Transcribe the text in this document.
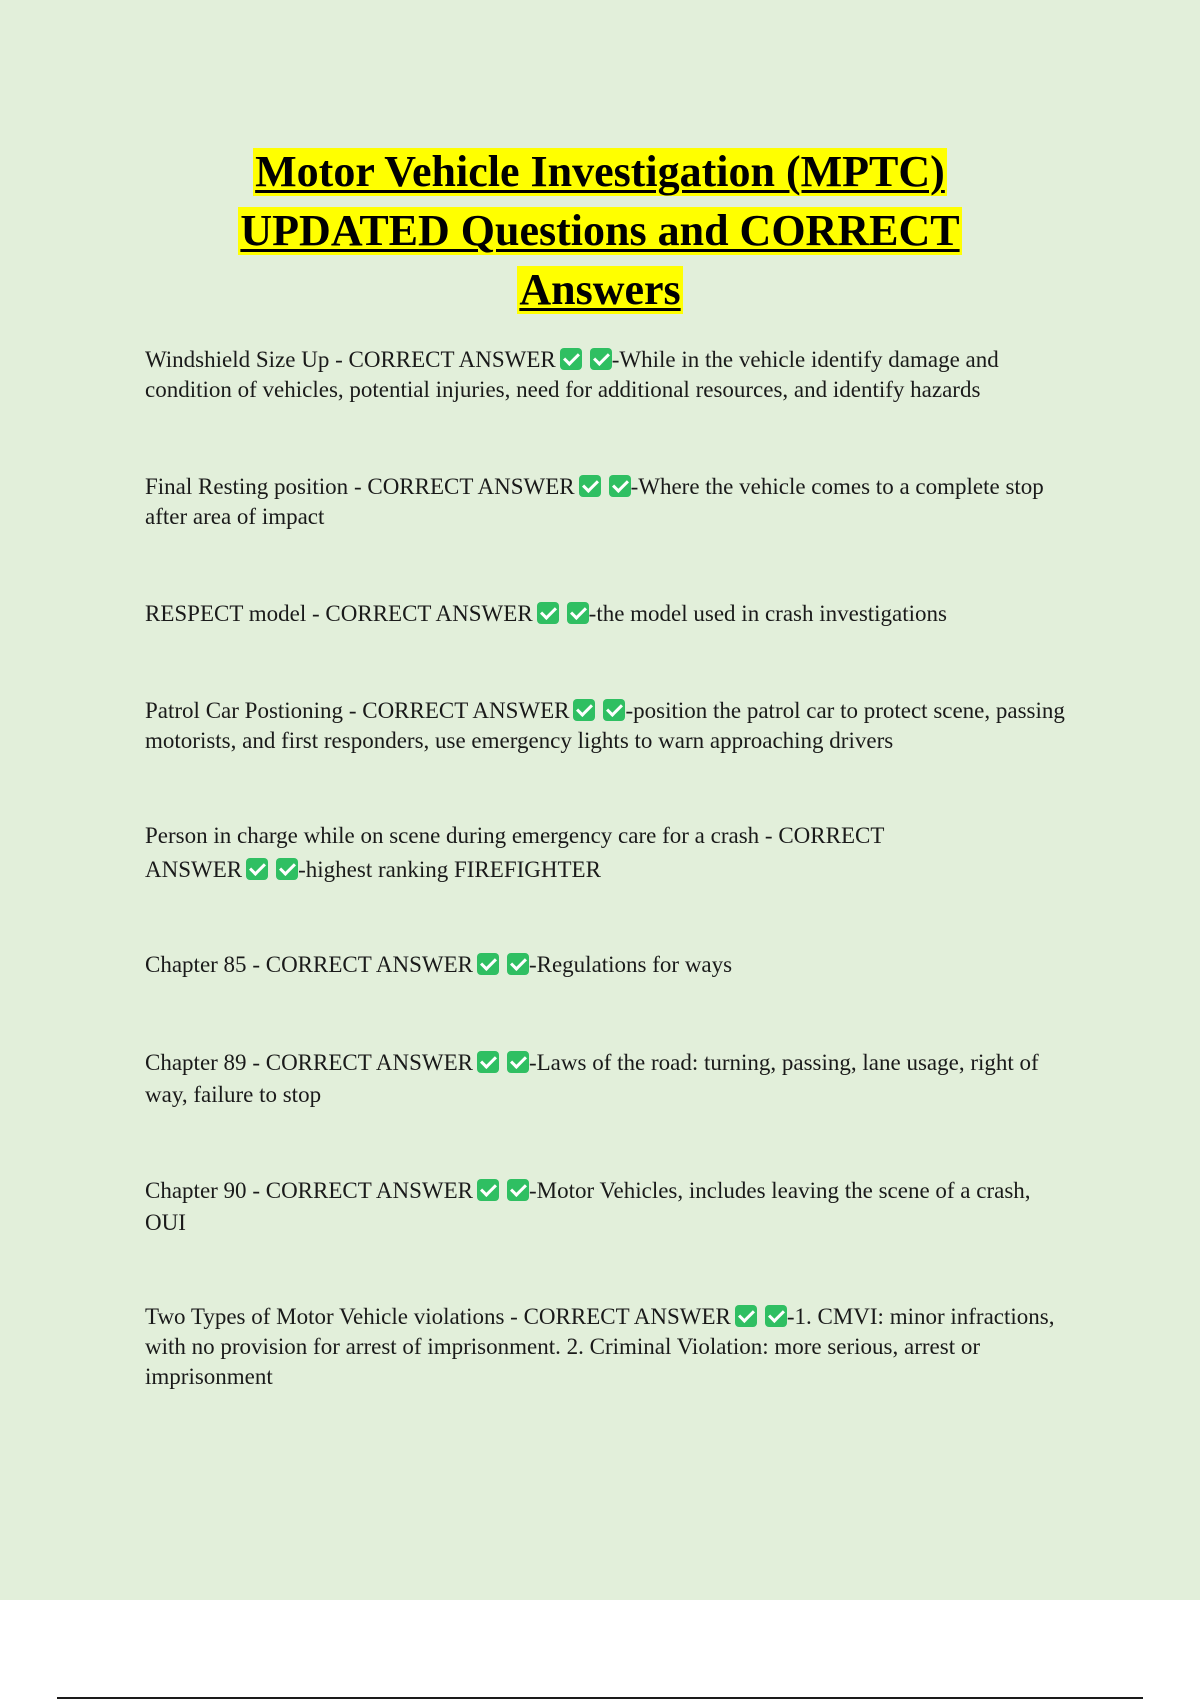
Motor Vehicle Investigation (MPTC)
UPDATED Questions and CORRECT
Answers
Windshield Size Up - CORRECT ANSWER -While in the vehicle identify damage and condition of vehicles, potential injuries, need for additional resources, and identify hazards
Final Resting position - CORRECT ANSWER -Where the vehicle comes to a complete stop after area of impact
RESPECT model - CORRECT ANSWER -the model used in crash investigations
Patrol Car Postioning - CORRECT ANSWER -position the patrol car to protect scene, passing motorists, and first responders, use emergency lights to warn approaching drivers
Person in charge while on scene during emergency care for a crash - CORRECT ANSWER -highest ranking FIREFIGHTER
Chapter 85 - CORRECT ANSWER -Regulations for ways
Chapter 89 - CORRECT ANSWER -Laws of the road: turning, passing, lane usage, right of way, failure to stop
Chapter 90 - CORRECT ANSWER -Motor Vehicles, includes leaving the scene of a crash, OUI
Two Types of Motor Vehicle violations - CORRECT ANSWER -1. CMVI: minor infractions, with no provision for arrest of imprisonment. 2. Criminal Violation: more serious, arrest or imprisonment
